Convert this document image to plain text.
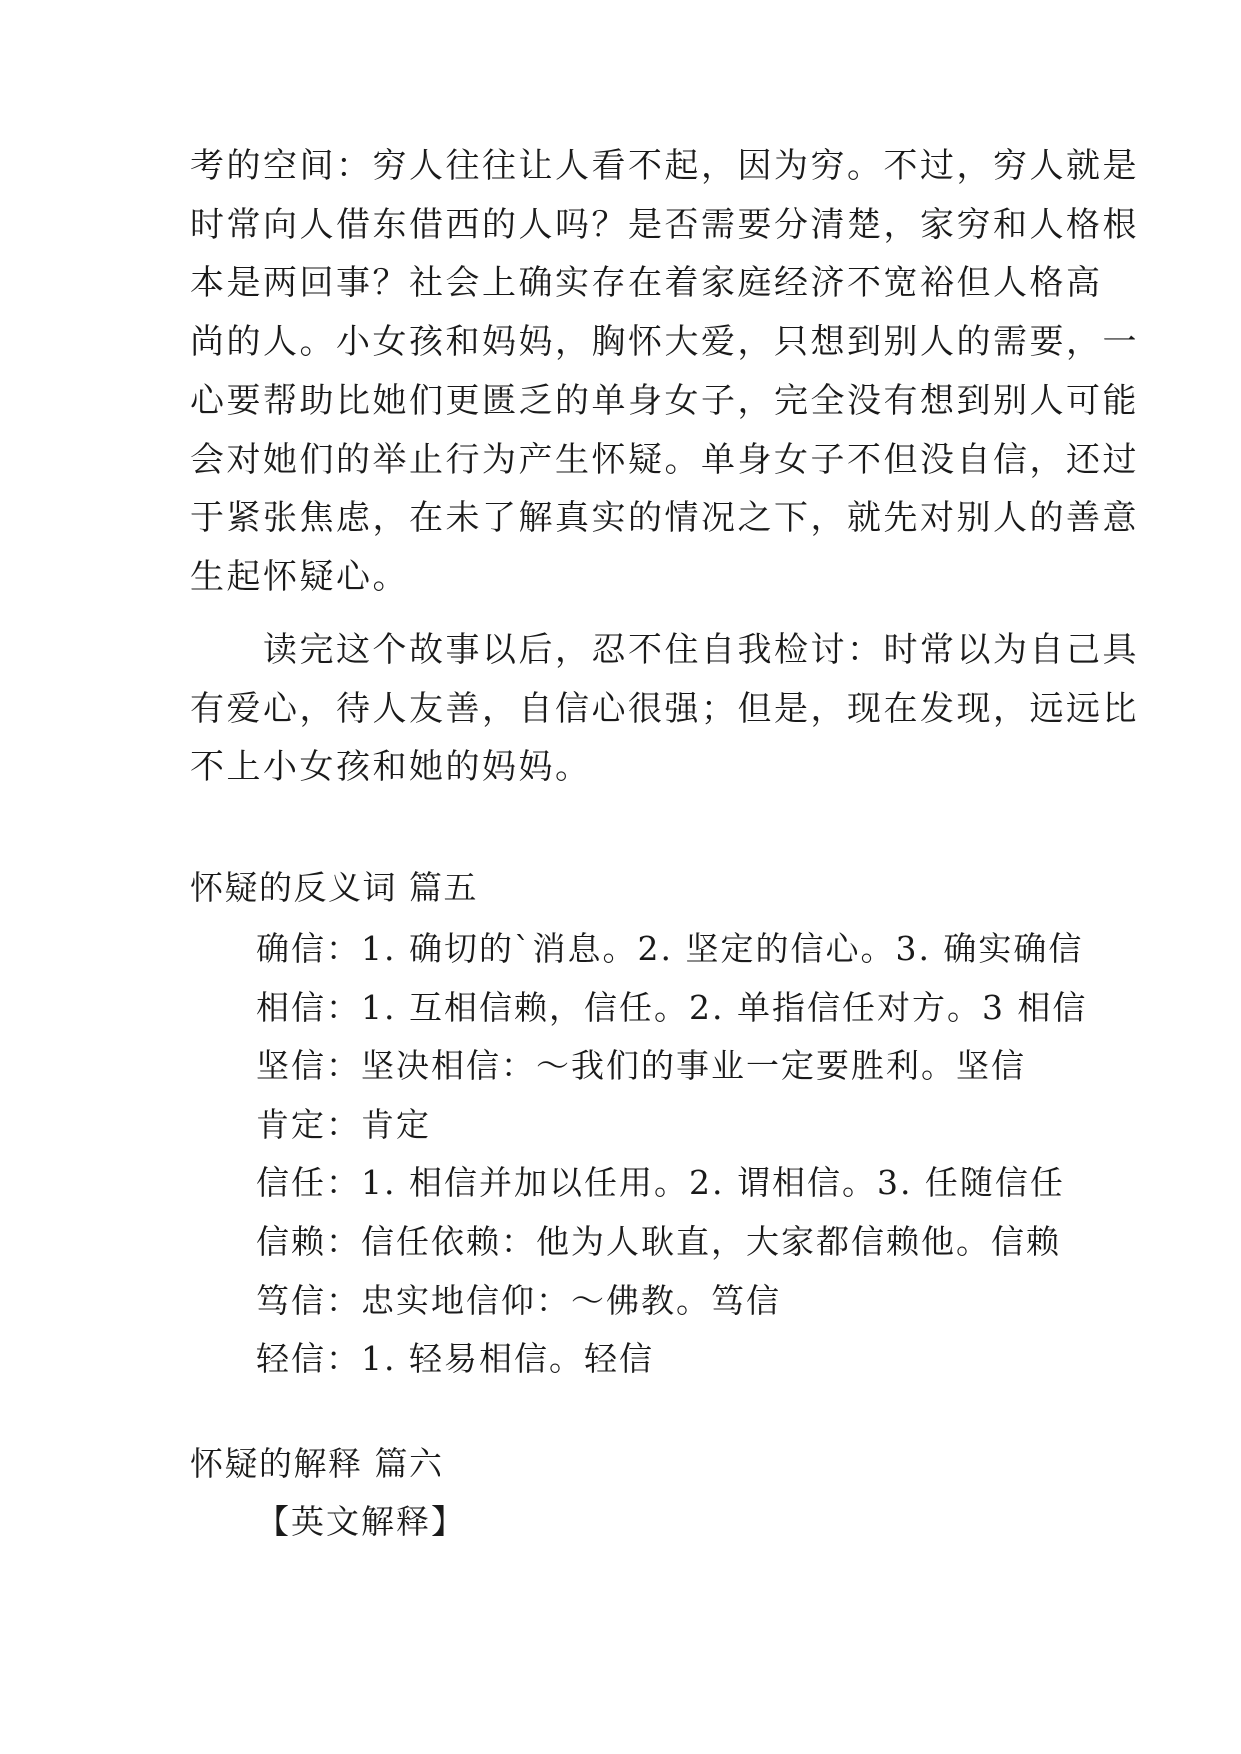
考的空间：穷人往往让人看不起，因为穷。不过，穷人就是
时常向人借东借西的人吗？是否需要分清楚，家穷和人格根
本是两回事？社会上确实存在着家庭经济不宽裕但人格高
尚的人。小女孩和妈妈，胸怀大爱，只想到别人的需要，一
心要帮助比她们更匮乏的单身女子，完全没有想到别人可能
会对她们的举止行为产生怀疑。单身女子不但没自信，还过
于紧张焦虑，在未了解真实的情况之下，就先对别人的善意
生起怀疑心。
　　读完这个故事以后，忍不住自我检讨：时常以为自己具
有爱心，待人友善，自信心很强；但是，现在发现，远远比
不上小女孩和她的妈妈。
怀疑的反义词 篇五
确信：1. 确切的`消息。2. 坚定的信心。3. 确实确信
相信：1. 互相信赖，信任。2. 单指信任对方。3 相信
坚信：坚决相信：～我们的事业一定要胜利。坚信
肯定：肯定
信任：1. 相信并加以任用。2. 谓相信。3. 任随信任
信赖：信任依赖：他为人耿直，大家都信赖他。信赖
笃信：忠实地信仰：～佛教。笃信
轻信：1. 轻易相信。轻信
怀疑的解释 篇六

【英文解释】
